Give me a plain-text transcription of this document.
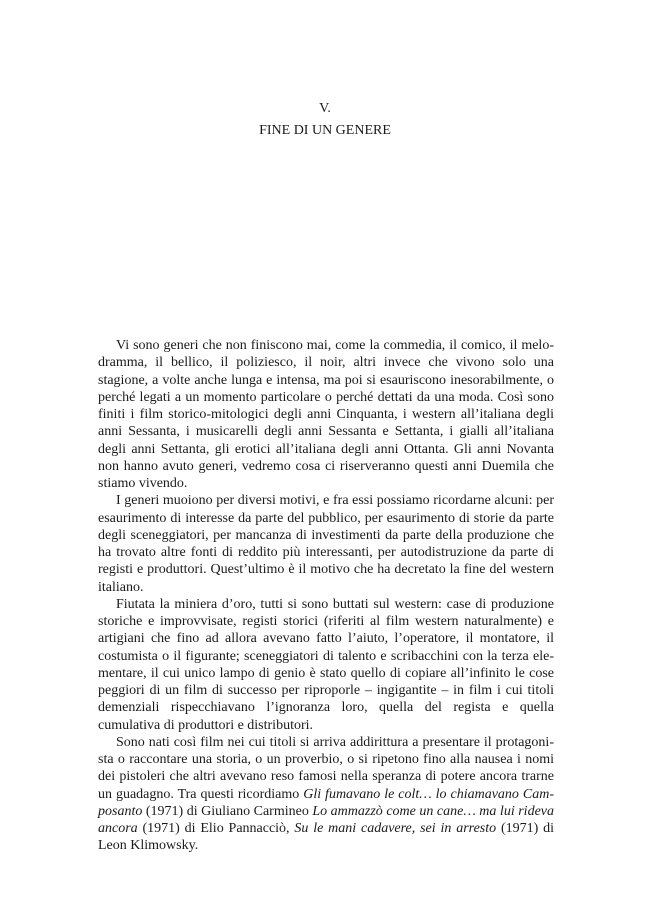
V.
FINE DI UN GENERE

Vi sono generi che non finiscono mai, come la commedia, il comico, il melodramma, il bellico, il poliziesco, il noir, altri invece che vivono solo una stagione, a volte anche lunga e intensa, ma poi si esauriscono inesorabilmente, o perché legati a un momento particolare o perché dettati da una moda. Così sono finiti i film storico-mitologici degli anni Cinquanta, i western all’italiana degli anni Sessanta, i musicarelli degli anni Sessanta e Settanta, i gialli all’italiana degli anni Settanta, gli erotici all’italiana degli anni Ottanta. Gli anni Novanta non hanno avuto generi, vedremo cosa ci riserveranno questi anni Duemila che stiamo vivendo.

I generi muoiono per diversi motivi, e fra essi possiamo ricordarne alcuni: per esaurimento di interesse da parte del pubblico, per esaurimento di storie da parte degli sceneggiatori, per mancanza di investimenti da parte della produzione che ha trovato altre fonti di reddito più interessanti, per autodistruzione da parte di registi e produttori. Quest’ultimo è il motivo che ha decretato la fine del western italiano.

Fiutata la miniera d’oro, tutti si sono buttati sul western: case di produzione storiche e improvvisate, registi storici (riferiti al film western naturalmente) e artigiani che fino ad allora avevano fatto l’aiuto, l’operatore, il montatore, il costumista o il figurante; sceneggiatori di talento e scribacchini con la terza elementare, il cui unico lampo di genio è stato quello di copiare all’infinito le cose peggiori di un film di successo per riproporle – ingigantite – in film i cui titoli demenziali rispecchiavano l’ignoranza loro, quella del regista e quella cumulativa di produttori e distributori.

Sono nati così film nei cui titoli si arriva addirittura a presentare il protagonista o raccontare una storia, o un proverbio, o si ripetono fino alla nausea i nomi dei pistoleri che altri avevano reso famosi nella speranza di potere ancora trarne un guadagno. Tra questi ricordiamo Gli fumavano le colt… lo chiamavano Camposanto (1971) di Giuliano Carmineo Lo ammazzò come un cane… ma lui rideva ancora (1971) di Elio Pannacciò, Su le mani cadavere, sei in arresto (1971) di Leon Klimowsky.
